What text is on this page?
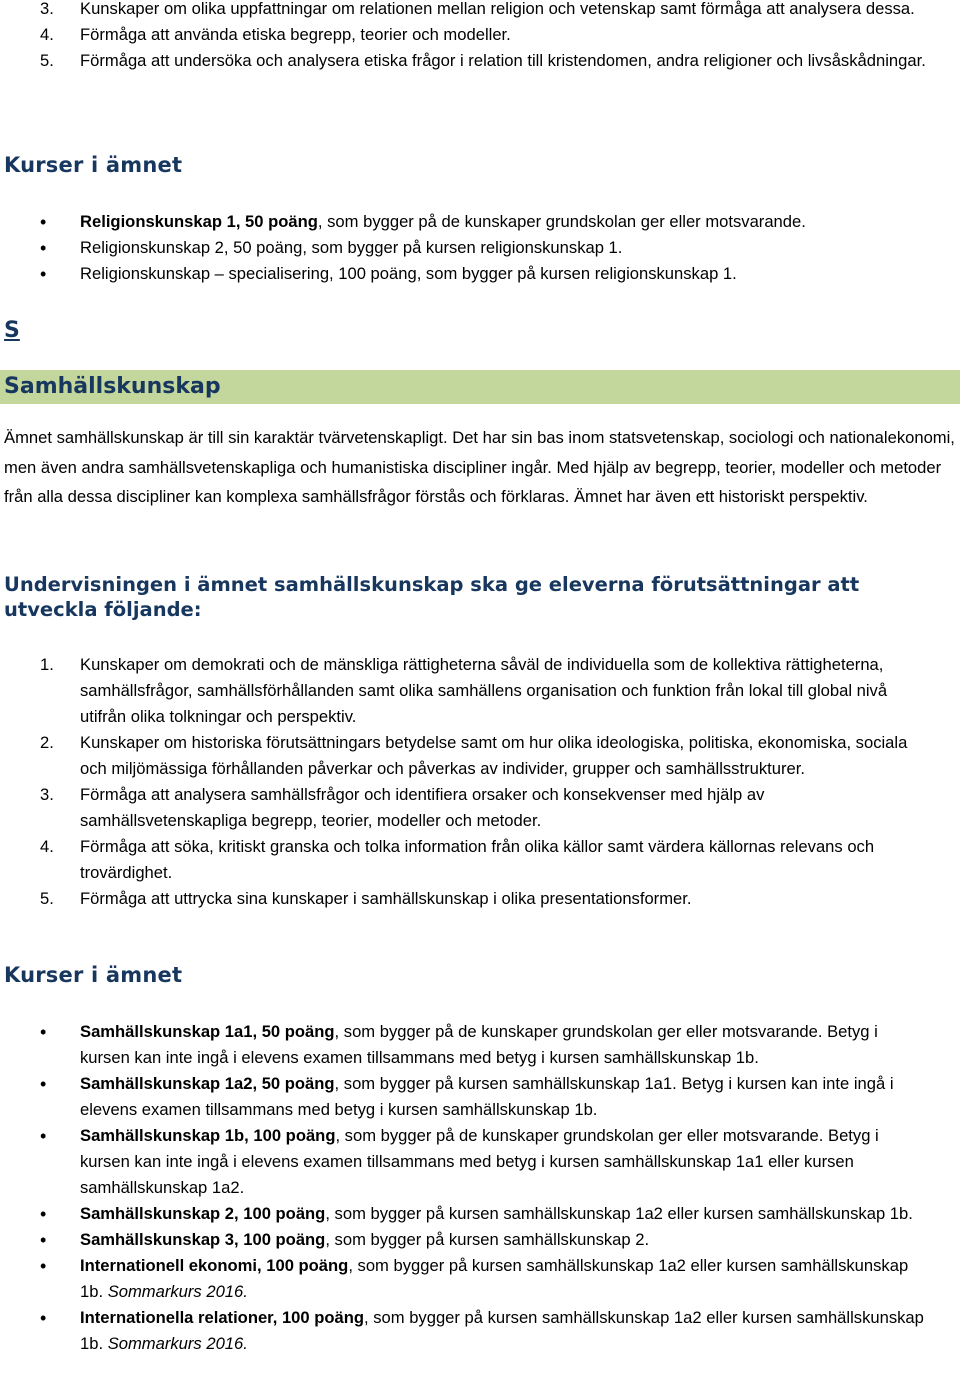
3. Kunskaper om olika uppfattningar om relationen mellan religion och vetenskap samt förmåga att analysera dessa.
4. Förmåga att använda etiska begrepp, teorier och modeller.
5. Förmåga att undersöka och analysera etiska frågor i relation till kristendomen, andra religioner och livsåskådningar.
Kurser i ämnet
• Religionskunskap 1, 50 poäng, som bygger på de kunskaper grundskolan ger eller motsvarande.
• Religionskunskap 2, 50 poäng, som bygger på kursen religionskunskap 1.
• Religionskunskap – specialisering, 100 poäng, som bygger på kursen religionskunskap 1.
S
Samhällskunskap

Ämnet samhällskunskap är till sin karaktär tvärvetenskapligt. Det har sin bas inom statsvetenskap, sociologi och nationalekonomi, men även andra samhällsvetenskapliga och humanistiska discipliner ingår. Med hjälp av begrepp, teorier, modeller och metoder från alla dessa discipliner kan komplexa samhällsfrågor förstås och förklaras. Ämnet har även ett historiskt perspektiv.

Undervisningen i ämnet samhällskunskap ska ge eleverna förutsättningar att utveckla följande:
1. Kunskaper om demokrati och de mänskliga rättigheterna såväl de individuella som de kollektiva rättigheterna, samhällsfrågor, samhällsförhållanden samt olika samhällens organisation och funktion från lokal till global nivå utifrån olika tolkningar och perspektiv.
2. Kunskaper om historiska förutsättningars betydelse samt om hur olika ideologiska, politiska, ekonomiska, sociala och miljömässiga förhållanden påverkar och påverkas av individer, grupper och samhällsstrukturer.
3. Förmåga att analysera samhällsfrågor och identifiera orsaker och konsekvenser med hjälp av samhällsvetenskapliga begrepp, teorier, modeller och metoder.
4. Förmåga att söka, kritiskt granska och tolka information från olika källor samt värdera källornas relevans och trovärdighet.
5. Förmåga att uttrycka sina kunskaper i samhällskunskap i olika presentationsformer.
Kurser i ämnet
• Samhällskunskap 1a1, 50 poäng, som bygger på de kunskaper grundskolan ger eller motsvarande. Betyg i kursen kan inte ingå i elevens examen tillsammans med betyg i kursen samhällskunskap 1b.
• Samhällskunskap 1a2, 50 poäng, som bygger på kursen samhällskunskap 1a1. Betyg i kursen kan inte ingå i elevens examen tillsammans med betyg i kursen samhällskunskap 1b.
• Samhällskunskap 1b, 100 poäng, som bygger på de kunskaper grundskolan ger eller motsvarande. Betyg i kursen kan inte ingå i elevens examen tillsammans med betyg i kursen samhällskunskap 1a1 eller kursen samhällskunskap 1a2.
• Samhällskunskap 2, 100 poäng, som bygger på kursen samhällskunskap 1a2 eller kursen samhällskunskap 1b.
• Samhällskunskap 3, 100 poäng, som bygger på kursen samhällskunskap 2.
• Internationell ekonomi, 100 poäng, som bygger på kursen samhällskunskap 1a2 eller kursen samhällskunskap 1b. Sommarkurs 2016.
• Internationella relationer, 100 poäng, som bygger på kursen samhällskunskap 1a2 eller kursen samhällskunskap 1b. Sommarkurs 2016.
